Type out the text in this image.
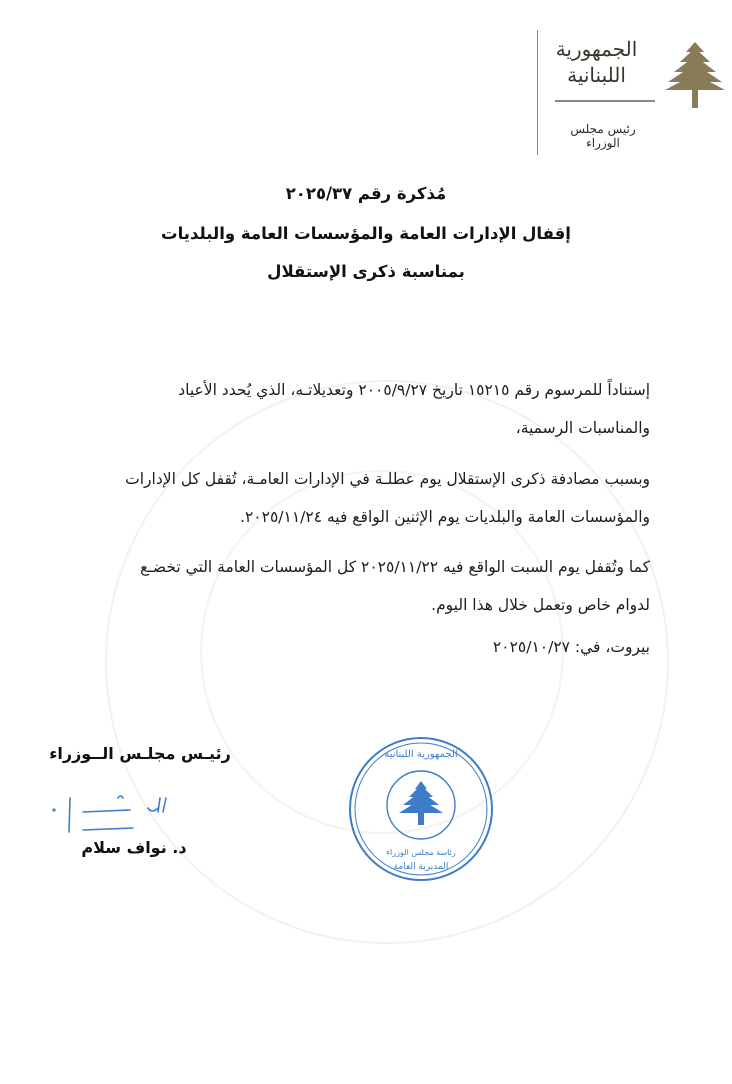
الجمهورية
اللبنانية
رئيس مجلس الوزراء
مُذكرة رقم ٢٠٢٥/٣٧
إقفال الإدارات العامة والمؤسسات العامة والبلديات
بمناسبة ذكرى الإستقلال
إستناداً للمرسوم رقم ١٥٢١٥ تاريخ ٢٠٠٥/٩/٢٧ وتعديلاتـه، الذي يُحدد الأعياد
والمناسبات الرسمية،
وبسبب مصادفة ذكرى الإستقلال يوم عطلـة في الإدارات العامـة، تُقفل كل الإدارات
والمؤسسات العامة والبلديات يوم الإثنين الواقع فيه ٢٠٢٥/١١/٢٤.
كما وتُقفل يوم السبت الواقع فيه ٢٠٢٥/١١/٢٢ كل المؤسسات العامة التي تخضـع
لدوام خاص وتعمل خلال هذا اليوم.
بيروت، في: ٢٠٢٥/١٠/٢٧
رئيـس مجلـس الــوزراء
د. نواف سلام
الجمهورية اللبنانية
رئاسة مجلس الوزراء
المديرية العامة
